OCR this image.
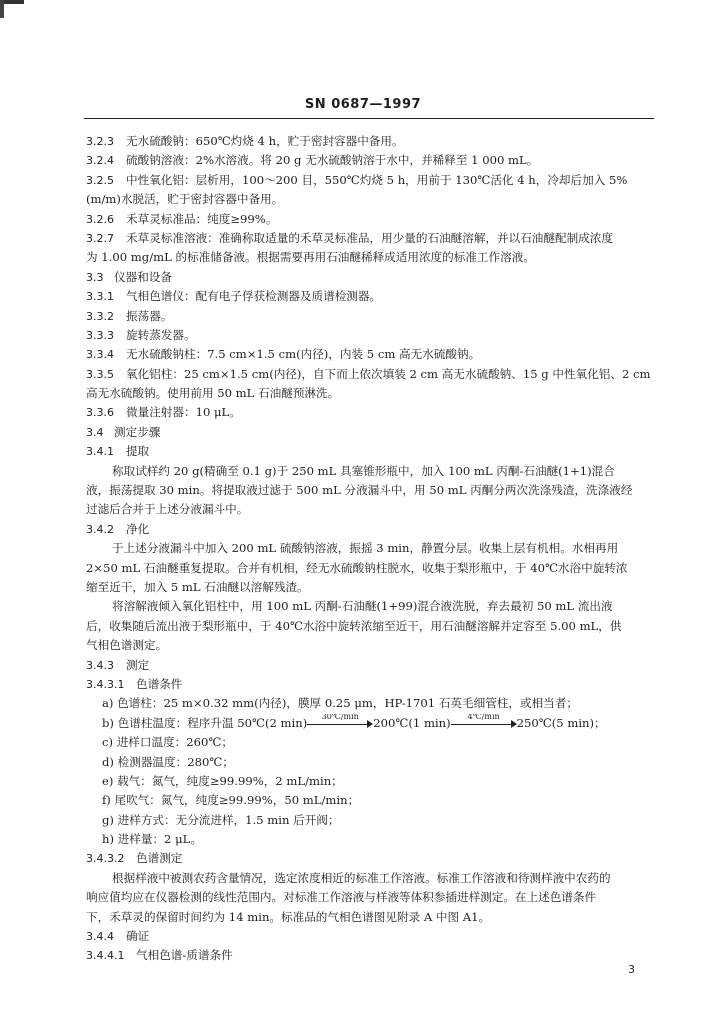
SN 0687—1997
3.2.3 无水硫酸钠：650℃灼烧 4 h，贮于密封容器中备用。
3.2.4 硫酸钠溶液：2%水溶液。将 20 g 无水硫酸钠溶于水中，并稀释至 1 000 mL。
3.2.5 中性氧化铝：层析用，100～200 目，550℃灼烧 5 h，用前于 130℃活化 4 h，冷却后加入 5%
(m/m)水脱活，贮于密封容器中备用。
3.2.6 禾草灵标准品：纯度≥99%。
3.2.7 禾草灵标准溶液：准确称取适量的禾草灵标准品，用少量的石油醚溶解，并以石油醚配制成浓度
为 1.00 mg/mL 的标准储备液。根据需要再用石油醚稀释成适用浓度的标准工作溶液。
3.3 仪器和设备
3.3.1 气相色谱仪：配有电子俘获检测器及质谱检测器。
3.3.2 振荡器。
3.3.3 旋转蒸发器。
3.3.4 无水硫酸钠柱：7.5 cm×1.5 cm(内径)，内装 5 cm 高无水硫酸钠。
3.3.5 氧化铝柱：25 cm×1.5 cm(内径)，自下而上依次填装 2 cm 高无水硫酸钠、15 g 中性氧化铝、2 cm
高无水硫酸钠。使用前用 50 mL 石油醚预淋洗。
3.3.6 微量注射器：10 μL。
3.4 测定步骤
3.4.1 提取
称取试样约 20 g(精确至 0.1 g)于 250 mL 具塞锥形瓶中，加入 100 mL 丙酮-石油醚(1+1)混合
液，振荡提取 30 min。将提取液过滤于 500 mL 分液漏斗中，用 50 mL 丙酮分两次洗涤残渣，洗涤液经
过滤后合并于上述分液漏斗中。
3.4.2 净化
于上述分液漏斗中加入 200 mL 硫酸钠溶液，振摇 3 min，静置分层。收集上层有机相。水相再用
2×50 mL 石油醚重复提取。合并有机相，经无水硫酸钠柱脱水，收集于梨形瓶中，于 40℃水浴中旋转浓
缩至近干，加入 5 mL 石油醚以溶解残渣。
将溶解液倾入氧化铝柱中，用 100 mL 丙酮-石油醚(1+99)混合液洗脱，弃去最初 50 mL 流出液
后，收集随后流出液于梨形瓶中，于 40℃水浴中旋转浓缩至近干，用石油醚溶解并定容至 5.00 mL，供
气相色谱测定。
3.4.3 测定
3.4.3.1 色谱条件
a) 色谱柱：25 m×0.32 mm(内径)，膜厚 0.25 μm，HP-1701 石英毛细管柱，或相当者；
b) 色谱柱温度：程序升温 50℃(2 min)	30℃/min	200℃(1 min)	4℃/min	250℃(5 min)；
c) 进样口温度：260℃；
d) 检测器温度：280℃；
e) 载气：氮气，纯度≥99.99%，2 mL/min；
f) 尾吹气：氮气，纯度≥99.99%，50 mL/min；
g) 进样方式：无分流进样，1.5 min 后开阀；
h) 进样量：2 μL。
3.4.3.2 色谱测定
根据样液中被测农药含量情况，选定浓度相近的标准工作溶液。标准工作溶液和待测样液中农药的
响应值均应在仪器检测的线性范围内。对标准工作溶液与样液等体积参插进样测定。在上述色谱条件
下，禾草灵的保留时间约为 14 min。标准品的气相色谱图见附录 A 中图 A1。
3.4.4 确证
3.4.4.1 气相色谱-质谱条件
3
